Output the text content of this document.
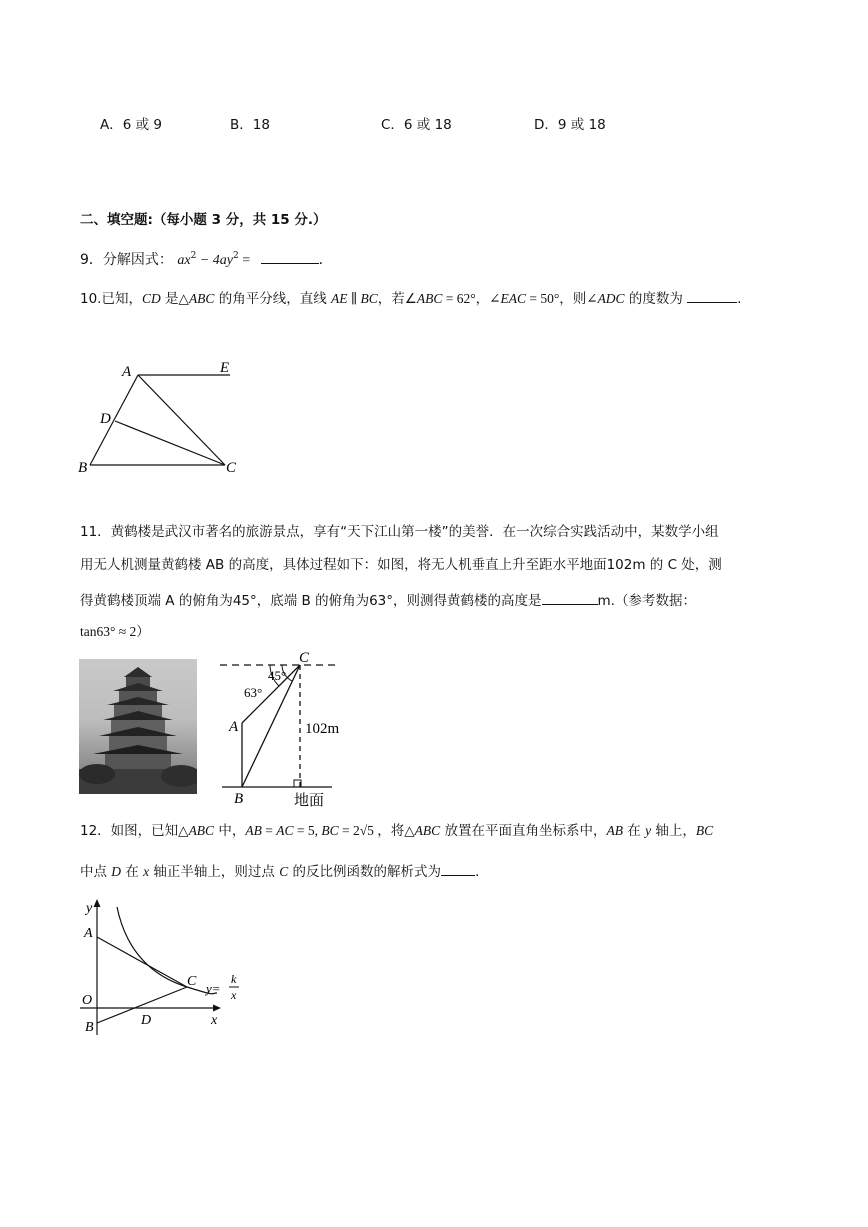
A．6 或 9	B．18	C．6 或 18	D．9 或 18
二、填空题:（每小题 3 分，共 15 分.）
9．分解因式： $ax^2 - 4ay^2$ =	.
10.已知，CD 是△ABC 的角平分线，直线 AE ∥ BC，若∠ABC = 62°，∠EAC = 50°，则∠ADC 的度数为	.
A	E
D
B	C
11．黄鹤楼是武汉市著名的旅游景点，享有“天下江山第一楼”的美誉．在一次综合实践活动中，某数学小组
用无人机测量黄鹤楼 AB 的高度，具体过程如下：如图，将无人机垂直上升至距水平地面102m 的 C 处，测
得黄鹤楼顶端 A 的俯角为45°，底端 B 的俯角为63°，则测得黄鹤楼的高度是	m.（参考数据：
tan63° ≈ 2）
C
45°
63°
A	102m
B	地面
12．如图，已知△ABC 中，AB = AC = 5, BC = 2√5 ，将△ABC 放置在平面直角坐标系中，AB 在 y 轴上，BC
中点 D 在 x 轴正半轴上，则过点 C 的反比例函数的解析式为	.
y
x
A
O
B	D
C y=
k
x
